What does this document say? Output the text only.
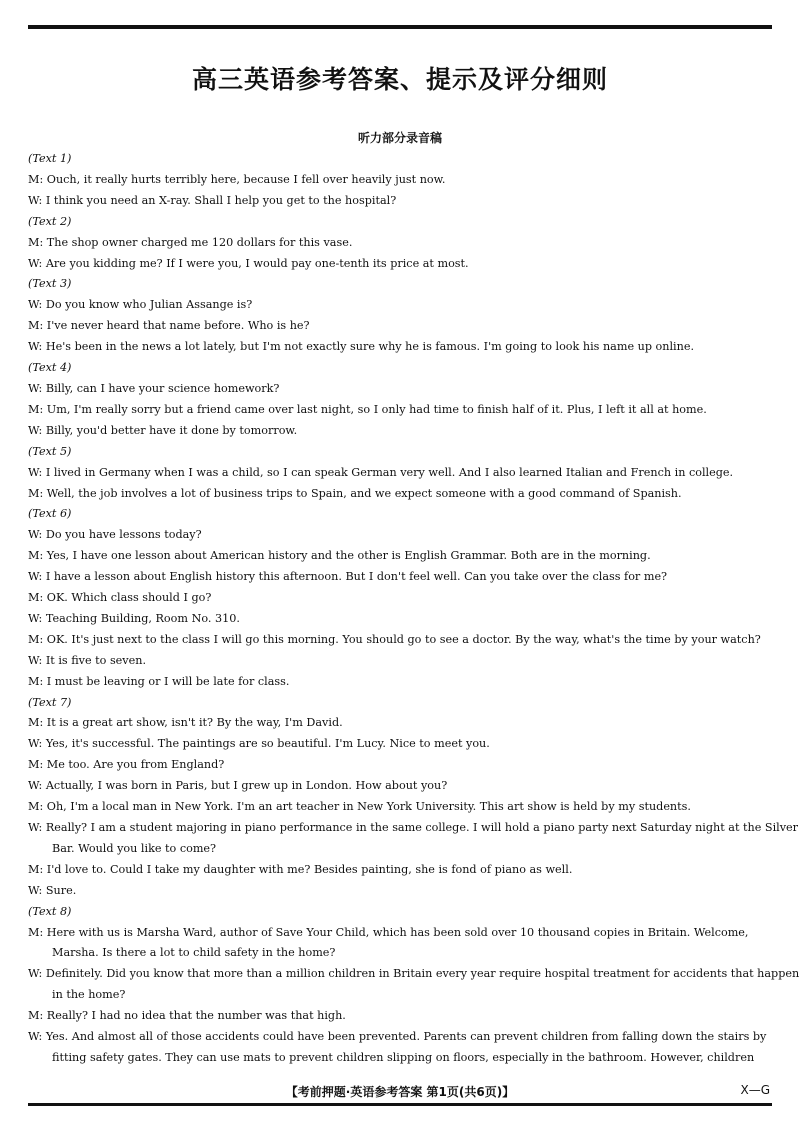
高三英语参考答案、提示及评分细则
听力部分录音稿
(Text 1)
M: Ouch, it really hurts terribly here, because I fell over heavily just now.
W: I think you need an X-ray. Shall I help you get to the hospital?
(Text 2)
M: The shop owner charged me 120 dollars for this vase.
W: Are you kidding me? If I were you, I would pay one-tenth its price at most.
(Text 3)
W: Do you know who Julian Assange is?
M: I've never heard that name before. Who is he?
W: He's been in the news a lot lately, but I'm not exactly sure why he is famous. I'm going to look his name up online.
(Text 4)
W: Billy, can I have your science homework?
M: Um, I'm really sorry but a friend came over last night, so I only had time to finish half of it. Plus, I left it all at home.
W: Billy, you'd better have it done by tomorrow.
(Text 5)
W: I lived in Germany when I was a child, so I can speak German very well. And I also learned Italian and French in college.
M: Well, the job involves a lot of business trips to Spain, and we expect someone with a good command of Spanish.
(Text 6)
W: Do you have lessons today?
M: Yes, I have one lesson about American history and the other is English Grammar. Both are in the morning.
W: I have a lesson about English history this afternoon. But I don't feel well. Can you take over the class for me?
M: OK. Which class should I go?
W: Teaching Building, Room No. 310.
M: OK. It's just next to the class I will go this morning. You should go to see a doctor. By the way, what's the time by your watch?
W: It is five to seven.
M: I must be leaving or I will be late for class.
(Text 7)
M: It is a great art show, isn't it? By the way, I'm David.
W: Yes, it's successful. The paintings are so beautiful. I'm Lucy. Nice to meet you.
M: Me too. Are you from England?
W: Actually, I was born in Paris, but I grew up in London. How about you?
M: Oh, I'm a local man in New York. I'm an art teacher in New York University. This art show is held by my students.
W: Really? I am a student majoring in piano performance in the same college. I will hold a piano party next Saturday night at the Silver
Bar. Would you like to come?
M: I'd love to. Could I take my daughter with me? Besides painting, she is fond of piano as well.
W: Sure.
(Text 8)
M: Here with us is Marsha Ward, author of Save Your Child, which has been sold over 10 thousand copies in Britain. Welcome,
Marsha. Is there a lot to child safety in the home?
W: Definitely. Did you know that more than a million children in Britain every year require hospital treatment for accidents that happen
in the home?
M: Really? I had no idea that the number was that high.
W: Yes. And almost all of those accidents could have been prevented. Parents can prevent children from falling down the stairs by
fitting safety gates. They can use mats to prevent children slipping on floors, especially in the bathroom. However, children
【考前押题·英语参考答案 第1页(共6页)】	X—G
